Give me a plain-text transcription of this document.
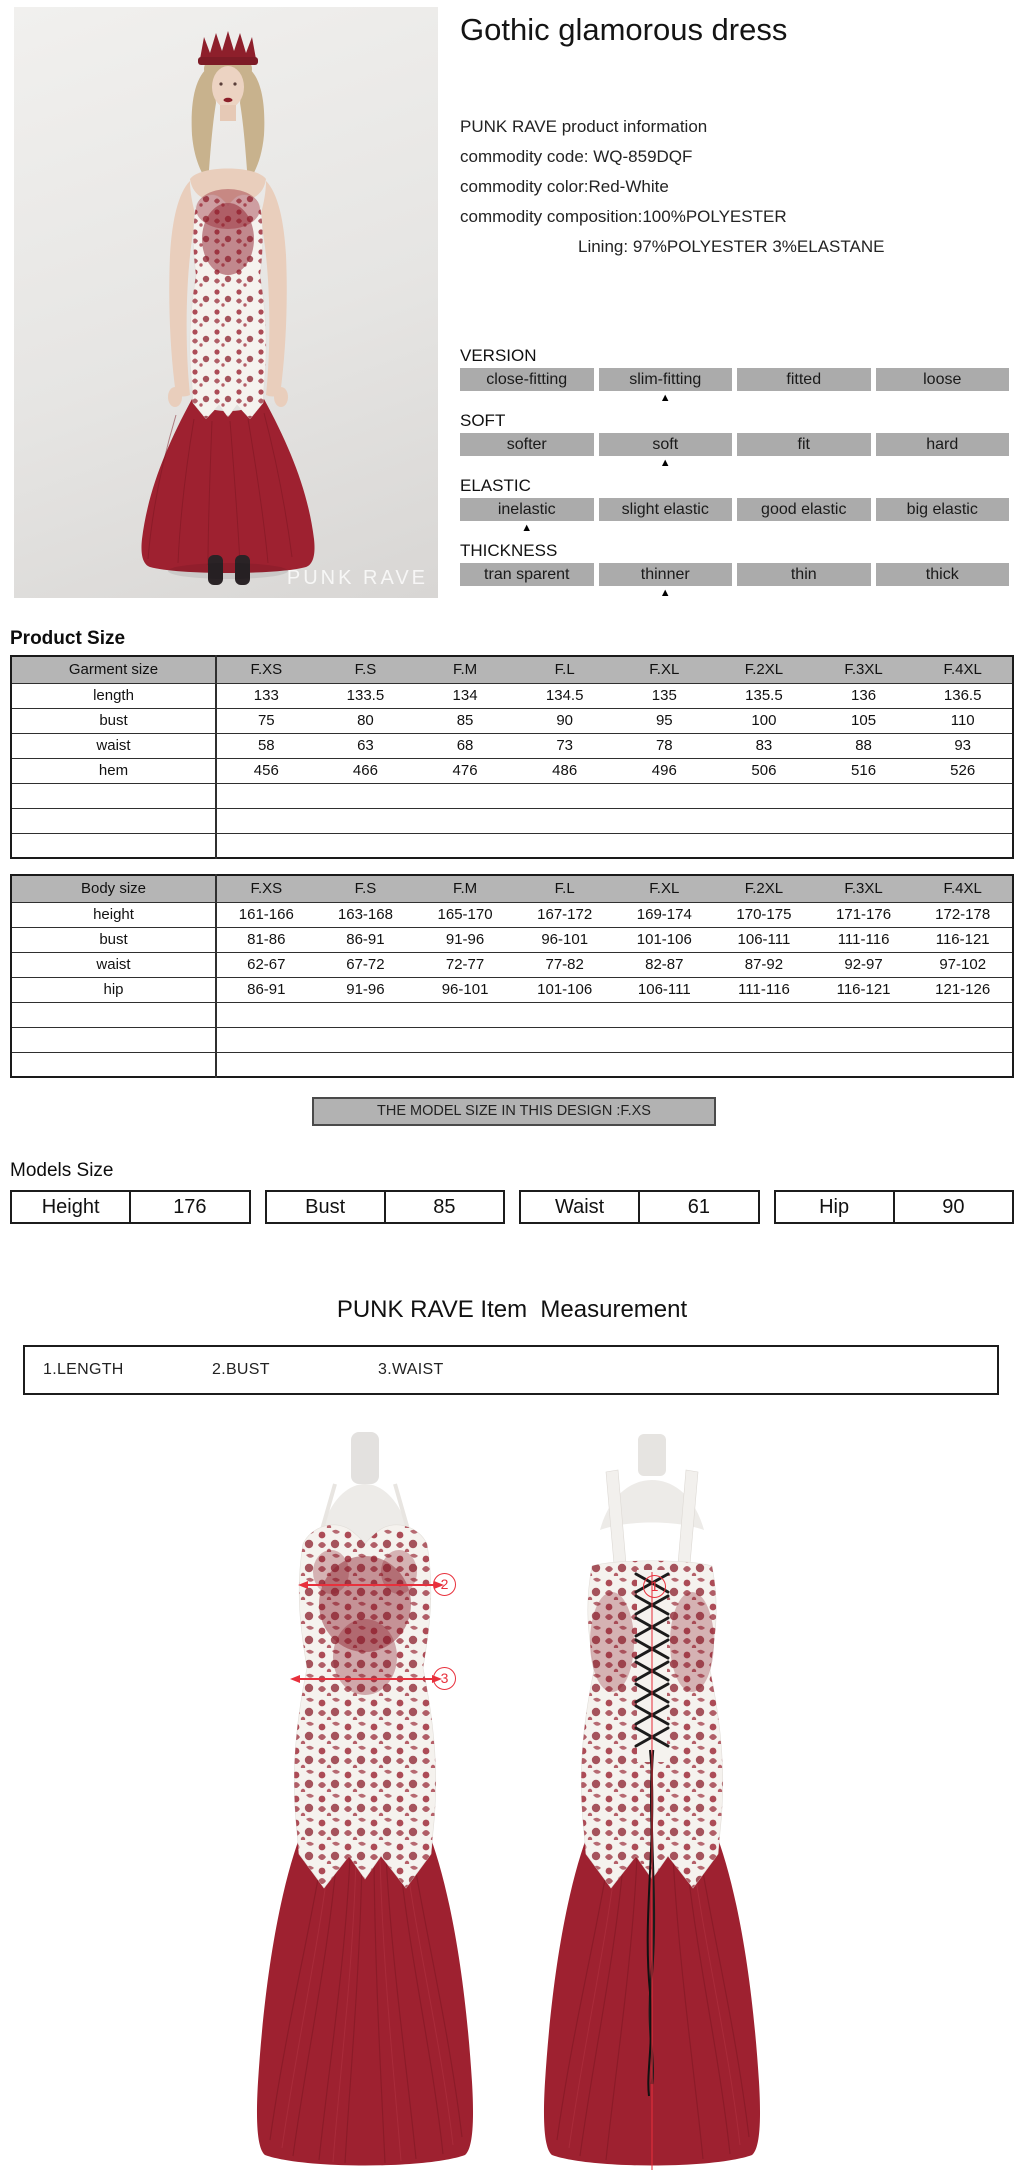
PUNK RAVE
Gothic glamorous dress
PUNK RAVE product information
commodity code: WQ-859DQF
commodity color:Red-White
commodity composition:100%POLYESTER
Lining: 97%POLYESTER 3%ELASTANE
VERSION
close-fitting	slim-fitting	fitted	loose
▲
SOFT
softer	soft	fit	hard
▲
ELASTIC
inelastic	slight elastic	good elastic	big elastic
▲
THICKNESS
tran sparent	thinner	thin	thick
▲
Product Size
Garment size	F.XS	F.S	F.M	F.L	F.XL	F.2XL	F.3XL	F.4XL
length	133	133.5	134	134.5	135	135.5	136	136.5
bust	75	80	85	90	95	100	105	110
waist	58	63	68	73	78	83	88	93
hem	456	466	476	486	496	506	516	526

Body size	F.XS	F.S	F.M	F.L	F.XL	F.2XL	F.3XL	F.4XL
height	161-166	163-168	165-170	167-172	169-174	170-175	171-176	172-178
bust	81-86	86-91	91-96	96-101	101-106	106-111	111-116	116-121
waist	62-67	67-72	72-77	77-82	82-87	87-92	92-97	97-102
hip	86-91	91-96	96-101	101-106	106-111	111-116	116-121	121-126

THE MODEL SIZE IN THIS DESIGN :F.XS
Models Size
Height	176	Bust	85	Waist	61	Hip	90
PUNK RAVE Item  Measurement
1.LENGTH	2.BUST	3.WAIST
1
2
3
